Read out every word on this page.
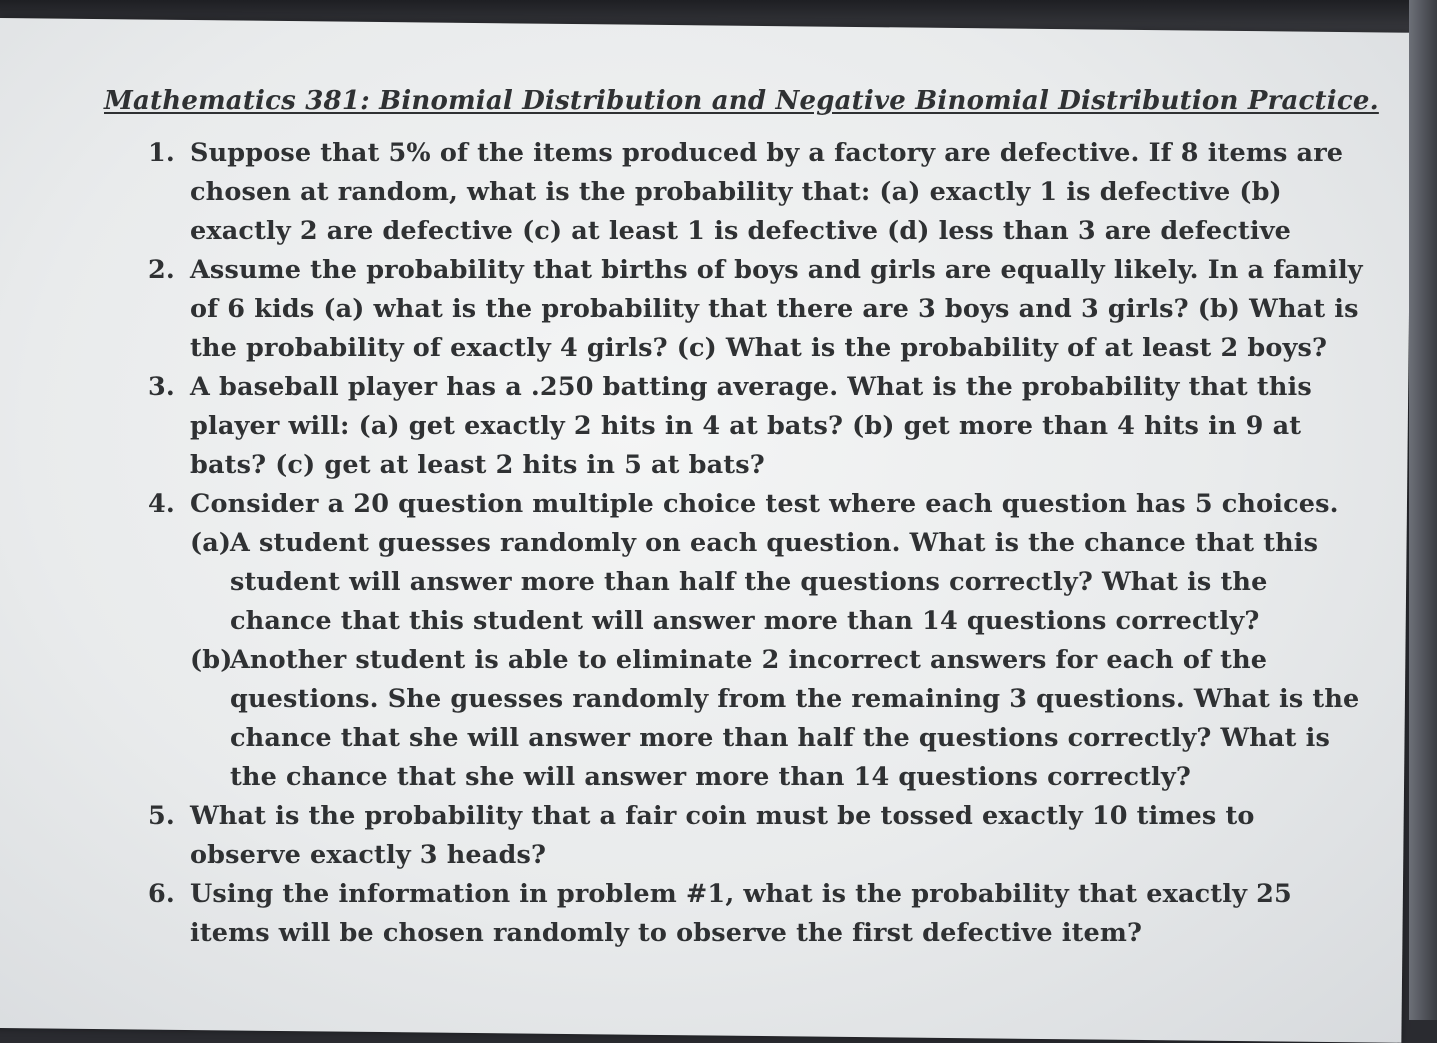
Mathematics 381: Binomial Distribution and Negative Binomial Distribution Practice.
1. Suppose that 5% of the items produced by a factory are defective. If 8 items are chosen at random, what is the probability that: (a) exactly 1 is defective (b) exactly 2 are defective (c) at least 1 is defective (d) less than 3 are defective
2. Assume the probability that births of boys and girls are equally likely. In a family of 6 kids (a) what is the probability that there are 3 boys and 3 girls? (b) What is the probability of exactly 4 girls? (c) What is the probability of at least 2 boys?
3. A baseball player has a .250 batting average. What is the probability that this player will: (a) get exactly 2 hits in 4 at bats? (b) get more than 4 hits in 9 at bats? (c) get at least 2 hits in 5 at bats?
4. Consider a 20 question multiple choice test where each question has 5 choices.
(a)
A student guesses randomly on each question. What is the chance that this student will answer more than half the questions correctly? What is the chance that this student will answer more than 14 questions correctly?
(b)
Another student is able to eliminate 2 incorrect answers for each of the questions. She guesses randomly from the remaining 3 questions. What is the chance that she will answer more than half the questions correctly? What is the chance that she will answer more than 14 questions correctly?
5. What is the probability that a fair coin must be tossed exactly 10 times to observe exactly 3 heads?
6. Using the information in problem #1, what is the probability that exactly 25 items will be chosen randomly to observe the first defective item?
